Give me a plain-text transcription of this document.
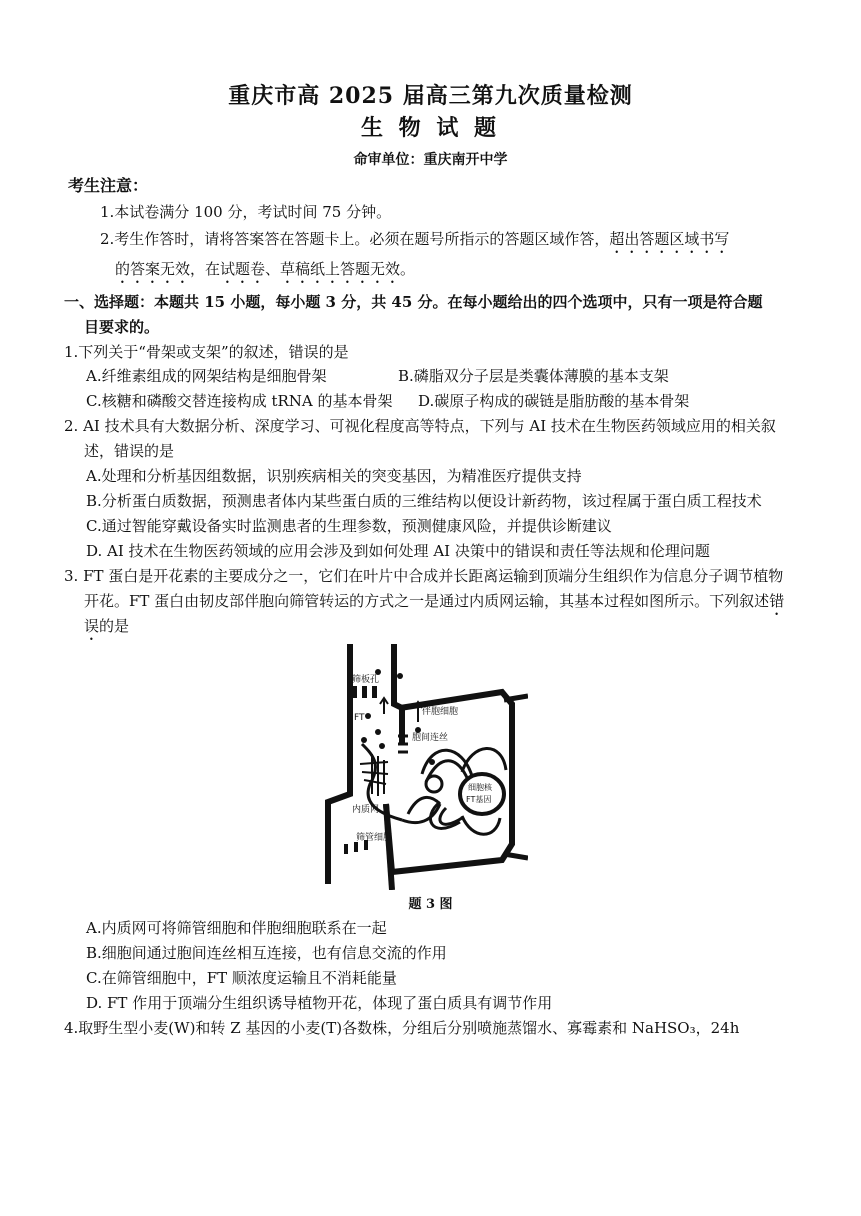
重庆市高 2025 届高三第九次质量检测
生 物 试 题
命审单位：重庆南开中学
考生注意：
1.本试卷满分 100 分，考试时间 75 分钟。
2.考生作答时，请将答案答在答题卡上。必须在题号所指示的答题区域作答，超出答题区域书写
的答案无效，在试题卷、草稿纸上答题无效。
一、选择题：本题共 15 小题，每小题 3 分，共 45 分。在每小题给出的四个选项中，只有一项是符合题
目要求的。
1.下列关于“骨架或支架”的叙述，错误的是
A.纤维素组成的网架结构是细胞骨架	B.磷脂双分子层是类囊体薄膜的基本支架
C.核糖和磷酸交替连接构成 tRNA 的基本骨架 D.碳原子构成的碳链是脂肪酸的基本骨架
2. AI 技术具有大数据分析、深度学习、可视化程度高等特点，下列与 AI 技术在生物医药领域应用的相关叙
述，错误的是
A.处理和分析基因组数据，识别疾病相关的突变基因，为精准医疗提供支持
B.分析蛋白质数据，预测患者体内某些蛋白质的三维结构以便设计新药物，该过程属于蛋白质工程技术
C.通过智能穿戴设备实时监测患者的生理参数，预测健康风险，并提供诊断建议
D. AI 技术在生物医药领域的应用会涉及到如何处理 AI 决策中的错误和责任等法规和伦理问题
3. FT 蛋白是开花素的主要成分之一，它们在叶片中合成并长距离运输到顶端分生组织作为信息分子调节植物
开花。FT 蛋白由韧皮部伴胞向筛管转运的方式之一是通过内质网运输，其基本过程如图所示。下列叙述错
误的是
筛板孔
FT
伴胞细胞
胞间连丝
内质网
筛管细胞
细胞核
FT基因
题 3 图
A.内质网可将筛管细胞和伴胞细胞联系在一起
B.细胞间通过胞间连丝相互连接，也有信息交流的作用
C.在筛管细胞中，FT 顺浓度运输且不消耗能量
D. FT 作用于顶端分生组织诱导植物开花，体现了蛋白质具有调节作用
4.取野生型小麦(W)和转 Z 基因的小麦(T)各数株，分组后分别喷施蒸馏水、寡霉素和 NaHSO₃，24h
